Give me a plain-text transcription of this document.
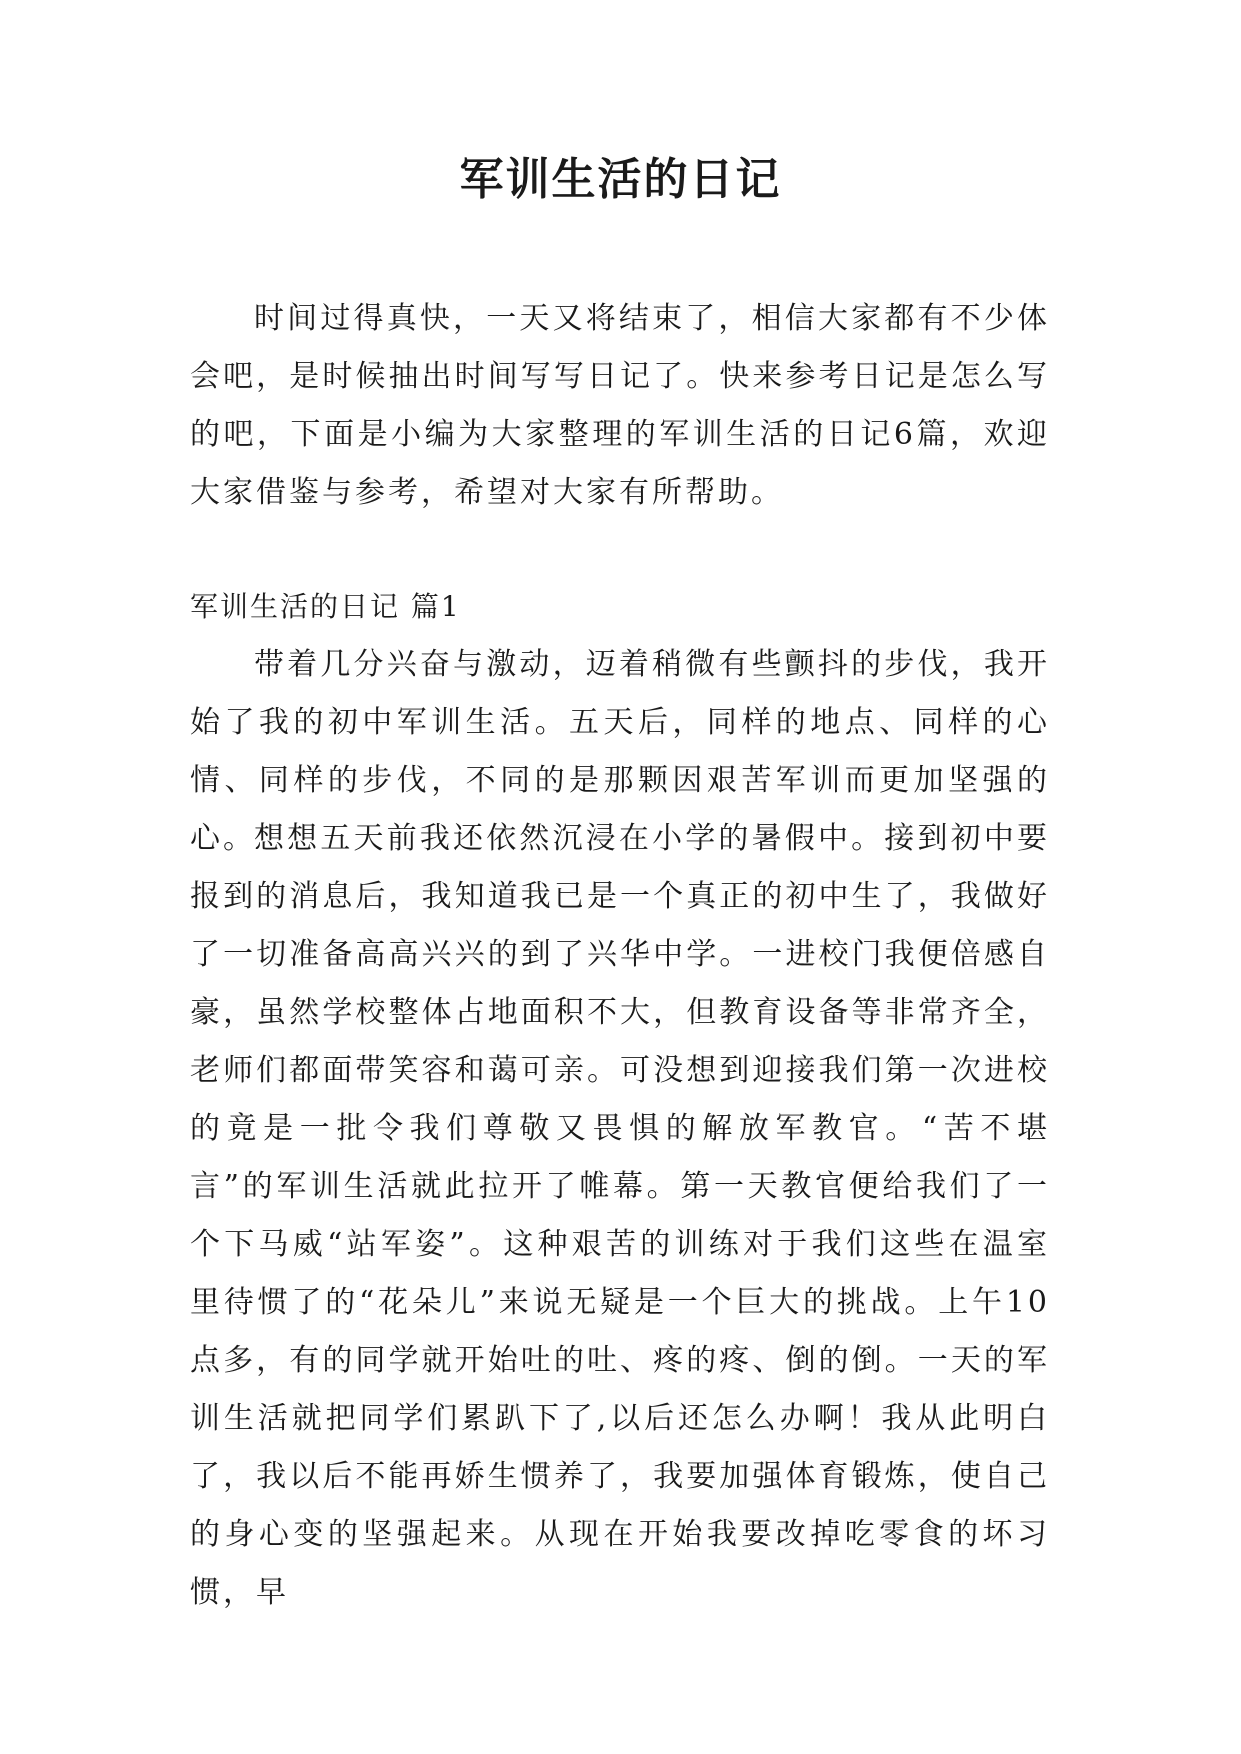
军训生活的日记

时间过得真快，一天又将结束了，相信大家都有不少体会吧，是时候抽出时间写写日记了。快来参考日记是怎么写的吧，下面是小编为大家整理的军训生活的日记6篇，欢迎大家借鉴与参考，希望对大家有所帮助。

军训生活的日记 篇1

带着几分兴奋与激动，迈着稍微有些颤抖的步伐，我开始了我的初中军训生活。五天后，同样的地点、同样的心情、同样的步伐，不同的是那颗因艰苦军训而更加坚强的心。

想想五天前我还依然沉浸在小学的暑假中。接到初中要报到的消息后，我知道我已是一个真正的初中生了，我做好了一切准备高高兴兴的到了兴华中学。一进校门我便倍感自豪，虽然学校整体占地面积不大，但教育设备等非常齐全，老师们都面带笑容和蔼可亲。可没想到迎接我们第一次进校的竟是一批令我们尊敬又畏惧的解放军教官。“苦不堪言”的军训生活就此拉开了帷幕。第一天教官便给我们了一个下马威“站军姿”。这种艰苦的训练对于我们这些在温室里待惯了的“花朵儿”来说无疑是一个巨大的挑战。上午10点多，有的同学就开始吐的吐、疼的疼、倒的倒。一天的军训生活就把同学们累趴下了,以后还怎么办啊！我从此明白了，我以后不能再娇生惯养了，我要加强体育锻炼，使自己的身心变的坚强起来。从现在开始我要改掉吃零食的坏习惯，早
